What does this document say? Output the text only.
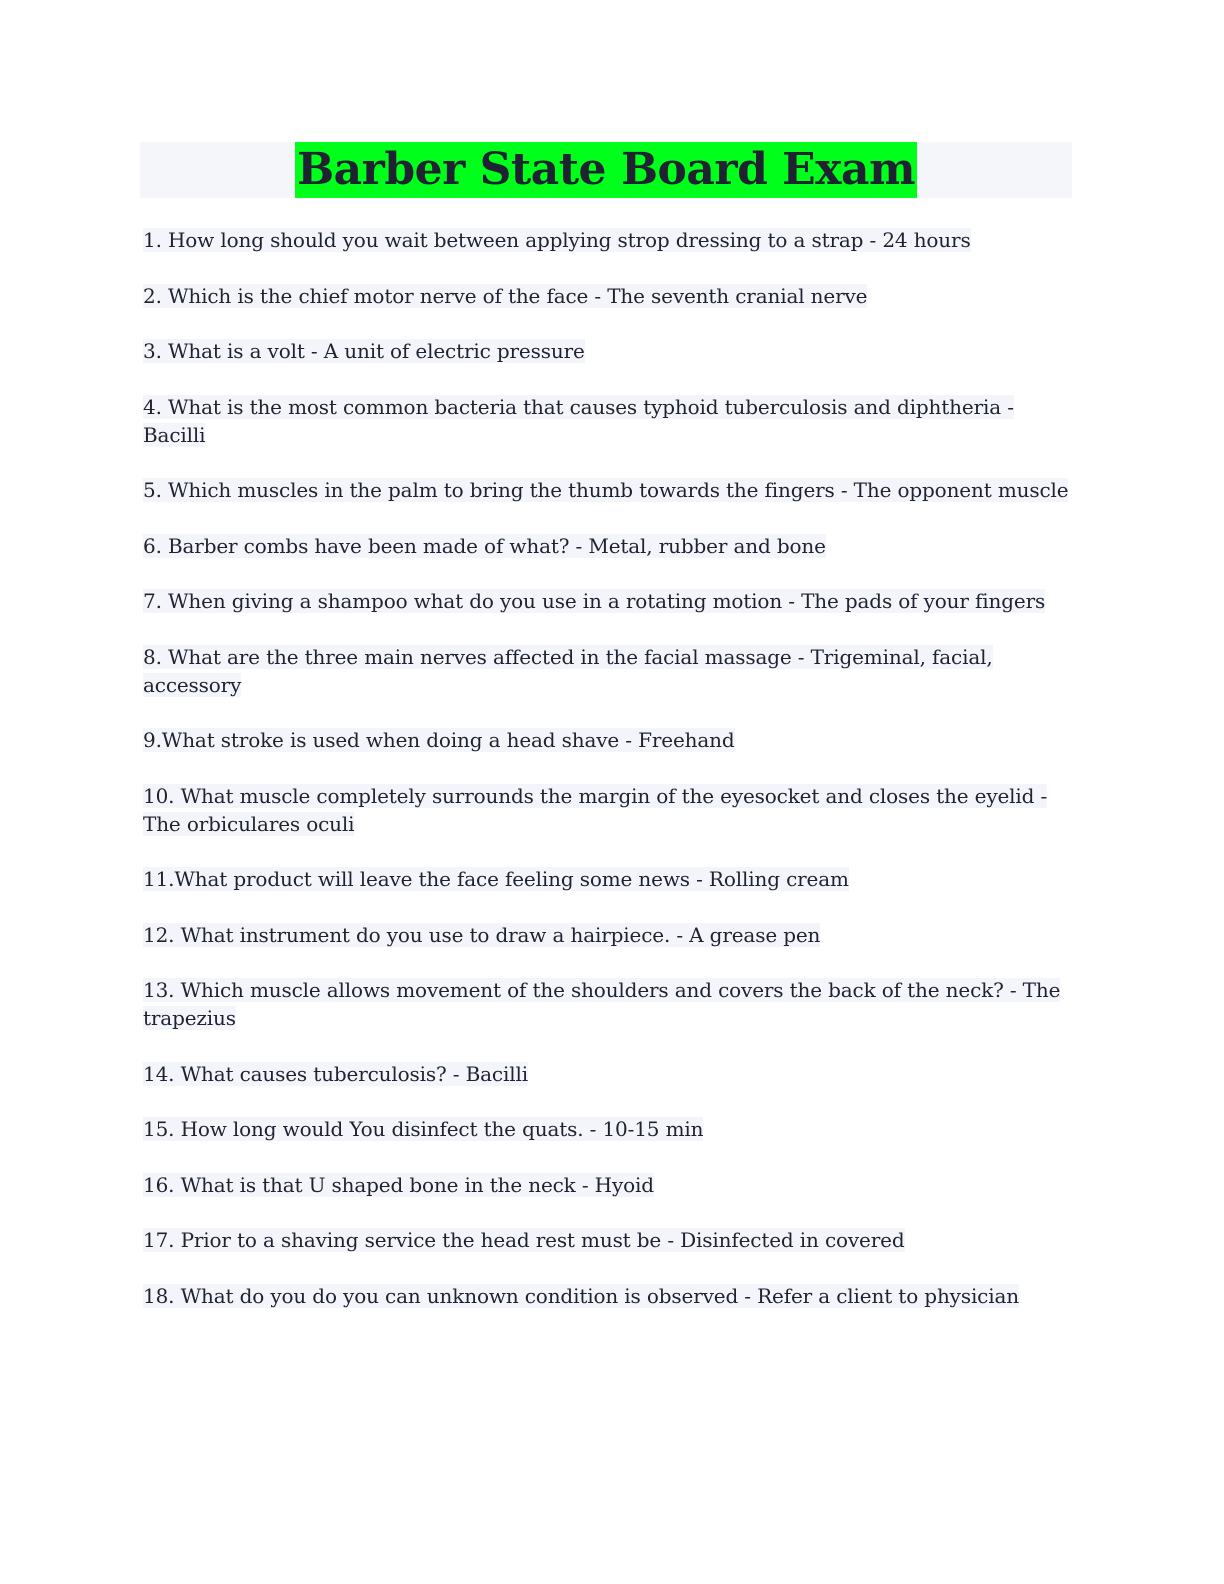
Barber State Board Exam
1. How long should you wait between applying strop dressing to a strap - 24 hours
2. Which is the chief motor nerve of the face - The seventh cranial nerve
3. What is a volt - A unit of electric pressure
4. What is the most common bacteria that causes typhoid tuberculosis and diphtheria - Bacilli
5. Which muscles in the palm to bring the thumb towards the fingers - The opponent muscle
6. Barber combs have been made of what? - Metal, rubber and bone
7. When giving a shampoo what do you use in a rotating motion - The pads of your fingers
8. What are the three main nerves affected in the facial massage - Trigeminal, facial, accessory
9.What stroke is used when doing a head shave - Freehand
10. What muscle completely surrounds the margin of the eyesocket and closes the eyelid - The orbiculares oculi
11.What product will leave the face feeling some news - Rolling cream
12. What instrument do you use to draw a hairpiece. - A grease pen
13. Which muscle allows movement of the shoulders and covers the back of the neck? - The trapezius
14. What causes tuberculosis? - Bacilli
15. How long would You disinfect the quats. - 10-15 min
16. What is that U shaped bone in the neck - Hyoid
17. Prior to a shaving service the head rest must be - Disinfected in covered
18. What do you do you can unknown condition is observed - Refer a client to physician
